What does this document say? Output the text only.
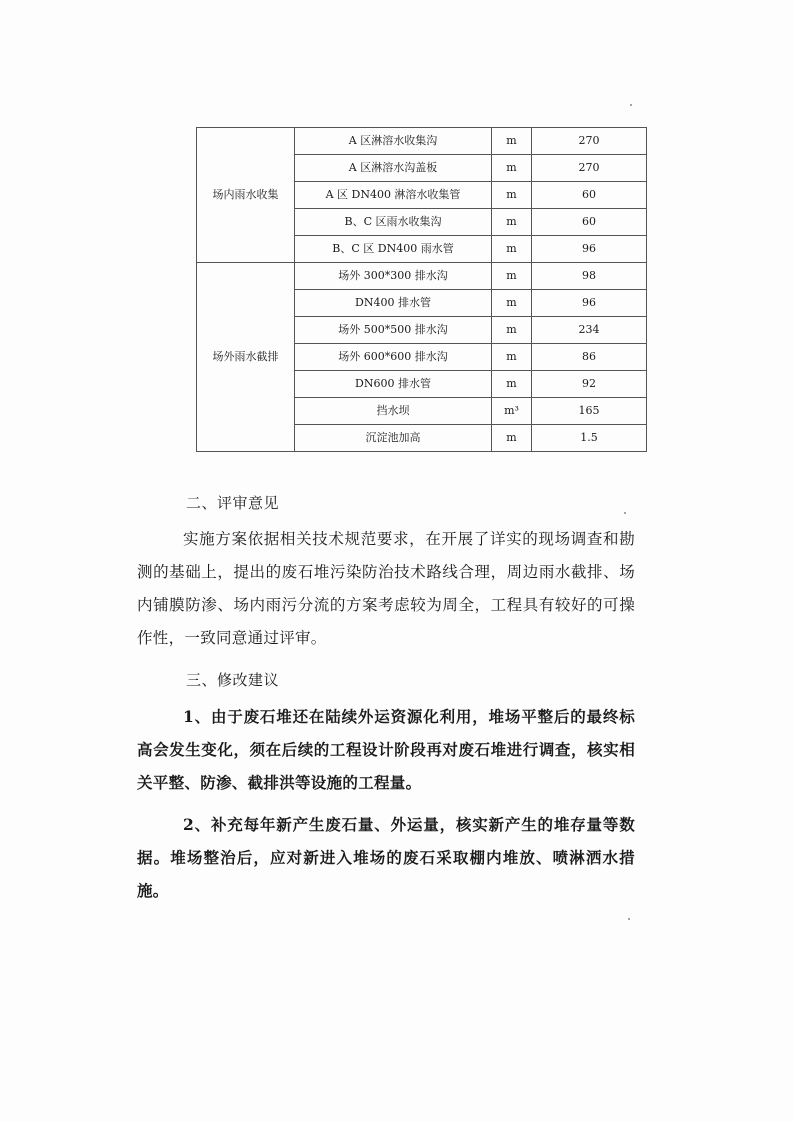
场内雨水收集	A 区淋溶水收集沟	m	270
	A 区淋溶水沟盖板	m	270
	A 区 DN400 淋溶水收集管	m	60
	B、C 区雨水收集沟	m	60
	B、C 区 DN400 雨水管	m	96
场外雨水截排	场外 300*300 排水沟	m	98
	DN400 排水管	m	96
	场外 500*500 排水沟	m	234
	场外 600*600 排水沟	m	86
	DN600 排水管	m	92
	挡水坝	m³	165
	沉淀池加高	m	1.5
二、评审意见

实施方案依据相关技术规范要求，在开展了详实的现场调查和勘测的基础上，提出的废石堆污染防治技术路线合理，周边雨水截排、场内铺膜防渗、场内雨污分流的方案考虑较为周全，工程具有较好的可操作性，一致同意通过评审。

三、修改建议

1、由于废石堆还在陆续外运资源化利用，堆场平整后的最终标高会发生变化，须在后续的工程设计阶段再对废石堆进行调查，核实相关平整、防渗、截排洪等设施的工程量。

2、补充每年新产生废石量、外运量，核实新产生的堆存量等数据。堆场整治后，应对新进入堆场的废石采取棚内堆放、喷淋洒水措施。
